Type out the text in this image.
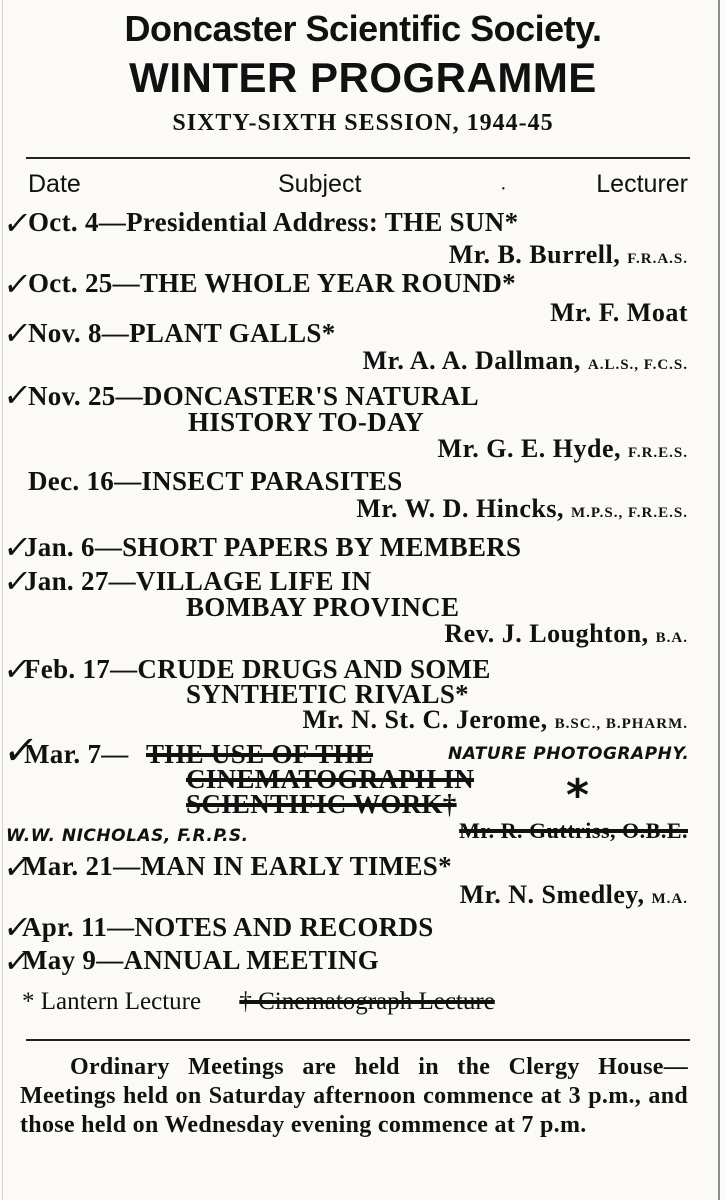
Doncaster Scientific Society.
WINTER PROGRAMME
SIXTY-SIXTH SESSION, 1944-45
Date	Subject	Lecturer
·
✓
Oct. 4—Presidential Address: THE SUN*
Mr. B. Burrell, F.R.A.S.
✓
Oct. 25—THE WHOLE YEAR ROUND*
Mr. F. Moat
✓
Nov. 8—PLANT GALLS*
Mr. A. A. Dallman, A.L.S., F.C.S.
✓
Nov. 25—DONCASTER'S NATURAL
HISTORY TO-DAY
Mr. G. E. Hyde, F.R.E.S.
Dec. 16—INSECT PARASITES
Mr. W. D. Hincks, M.P.S., F.R.E.S.
✓
Jan. 6—SHORT PAPERS BY MEMBERS
✓
Jan. 27—VILLAGE LIFE IN
BOMBAY PROVINCE
Rev. J. Loughton, B.A.
✓
Feb. 17—CRUDE DRUGS AND SOME
SYNTHETIC RIVALS*
Mr. N. St. C. Jerome, B.SC., B.PHARM.
✓
Mar. 7— THE USE OF THE	NATURE PHOTOGRAPHY.
CINEMATOGRAPH IN
SCIENTIFIC WORK† *
W.W. NICHOLAS, F.R.P.S.	Mr. R. Guttriss, O.B.E.
✓
Mar. 21—MAN IN EARLY TIMES*
Mr. N. Smedley, M.A.
✓
Apr. 11—NOTES AND RECORDS
✓
May 9—ANNUAL MEETING
* Lantern Lecture † Cinematograph Lecture
Ordinary Meetings are held in the Clergy House—Meetings held on Saturday afternoon commence at 3 p.m., and those held on Wednesday evening commence at 7 p.m.
